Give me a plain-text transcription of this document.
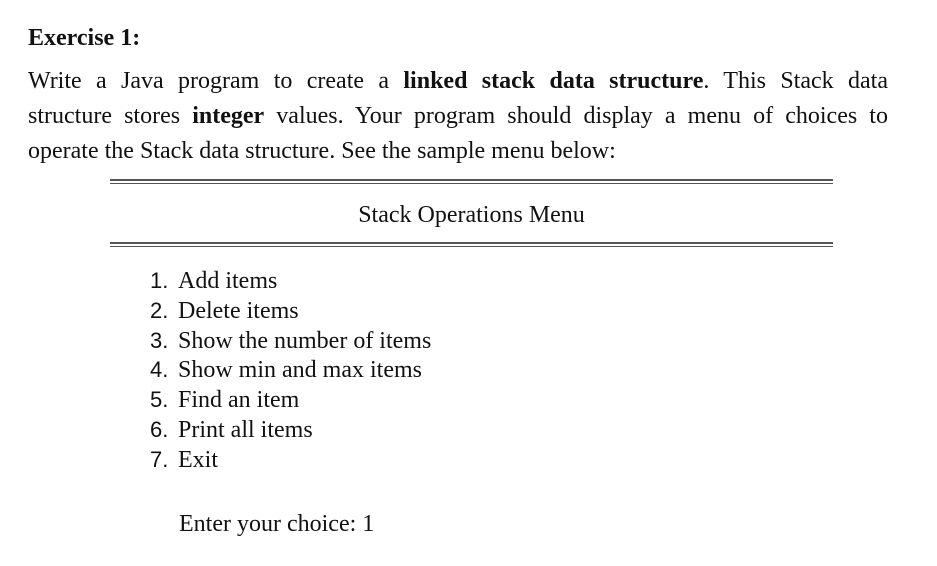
Exercise 1:
Write a Java program to create a linked stack data structure. This Stack data
structure stores integer values. Your program should display a menu of choices to
operate the Stack data structure. See the sample menu below:
Stack Operations Menu
1. Add items
2. Delete items
3. Show the number of items
4. Show min and max items
5. Find an item
6. Print all items
7. Exit
Enter your choice: 1
